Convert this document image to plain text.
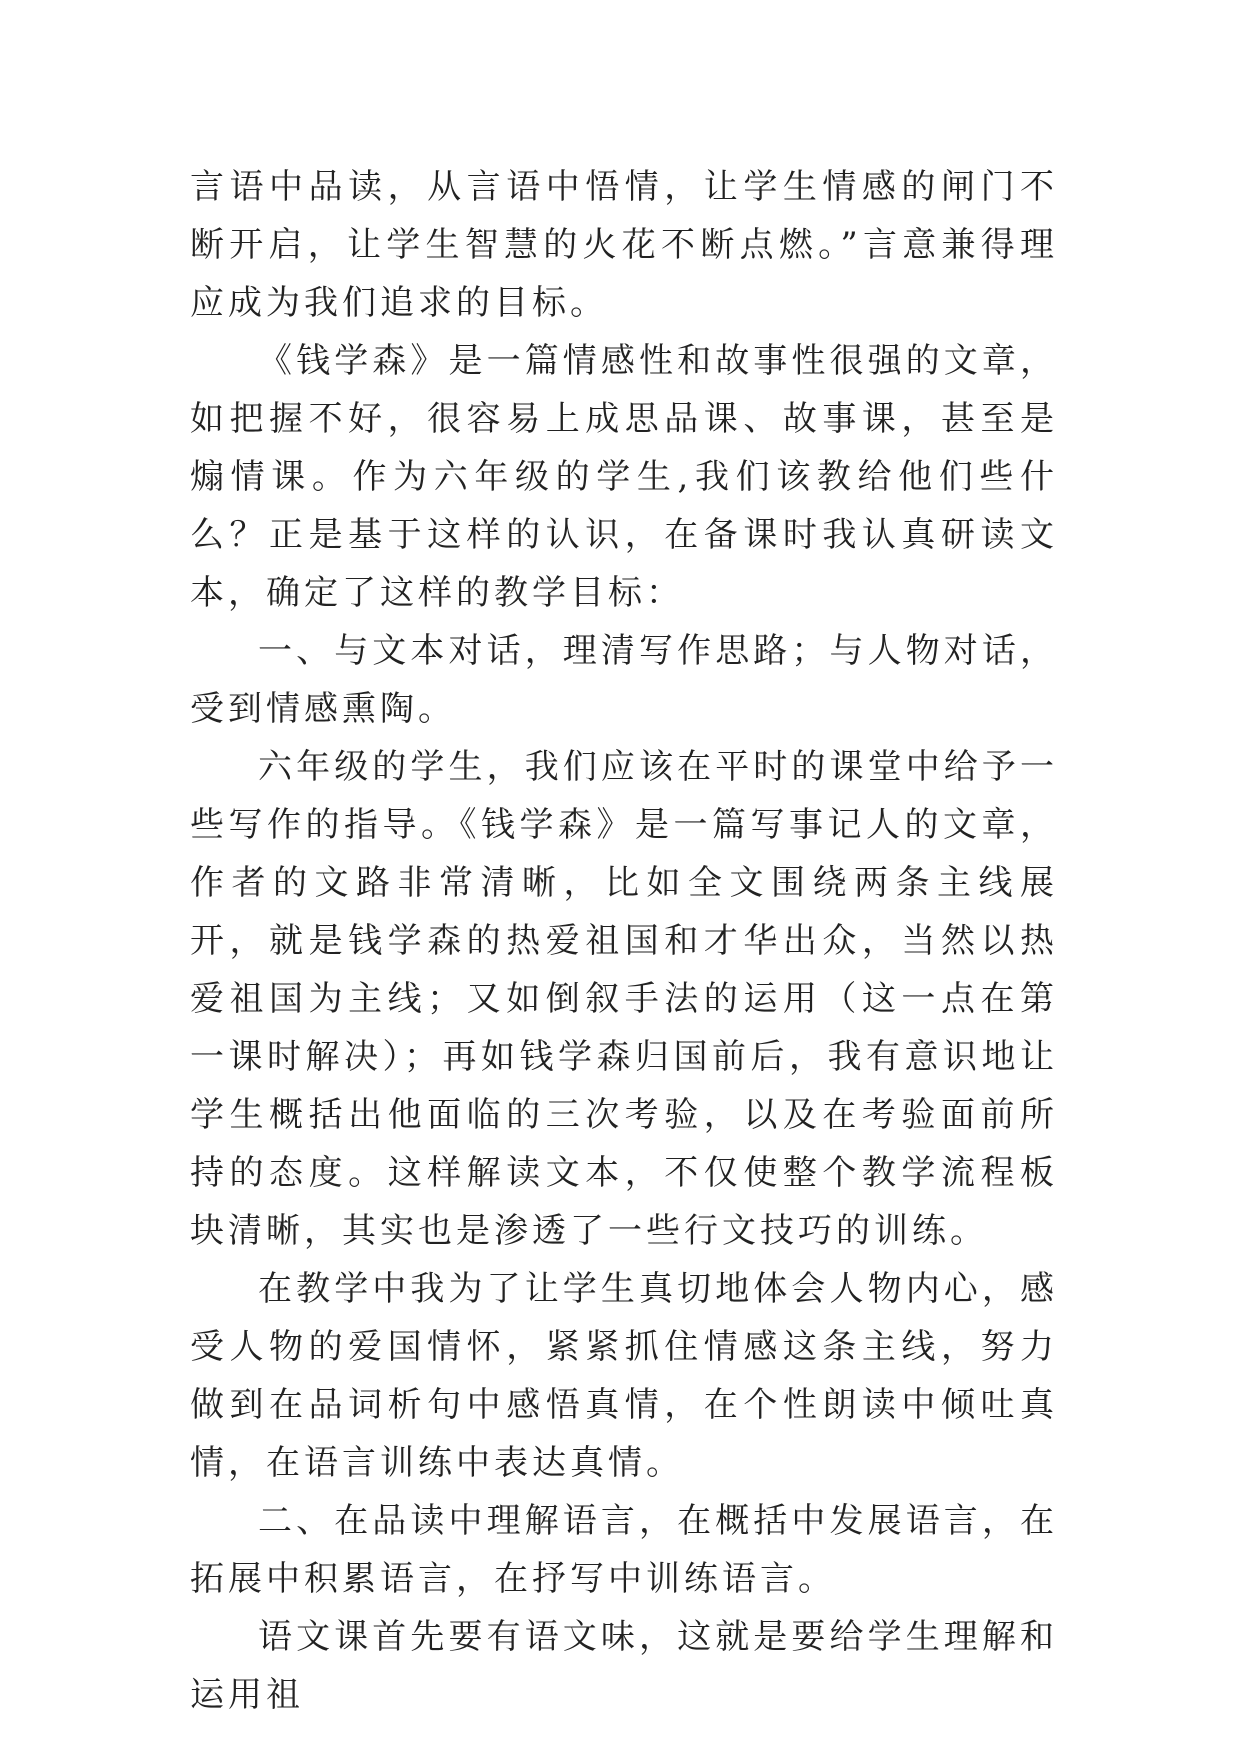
言语中品读，从言语中悟情，让学生情感的闸门不断开启，让学生智慧的火花不断点燃。”言意兼得理应成为我们追求的目标。

《钱学森》是一篇情感性和故事性很强的文章，如把握不好，很容易上成思品课、故事课，甚至是煽情课。作为六年级的学生,我们该教给他们些什么？正是基于这样的认识，在备课时我认真研读文本，确定了这样的教学目标：

一、与文本对话，理清写作思路；与人物对话，受到情感熏陶。

六年级的学生，我们应该在平时的课堂中给予一些写作的指导。《钱学森》是一篇写事记人的文章，作者的文路非常清晰，比如全文围绕两条主线展开，就是钱学森的热爱祖国和才华出众，当然以热爱祖国为主线；又如倒叙手法的运用（这一点在第一课时解决）；再如钱学森归国前后，我有意识地让学生概括出他面临的三次考验，以及在考验面前所持的态度。这样解读文本，不仅使整个教学流程板块清晰，其实也是渗透了一些行文技巧的训练。

在教学中我为了让学生真切地体会人物内心，感受人物的爱国情怀，紧紧抓住情感这条主线，努力做到在品词析句中感悟真情，在个性朗读中倾吐真情，在语言训练中表达真情。

二、在品读中理解语言，在概括中发展语言，在拓展中积累语言，在抒写中训练语言。

语文课首先要有语文味，这就是要给学生理解和运用祖
